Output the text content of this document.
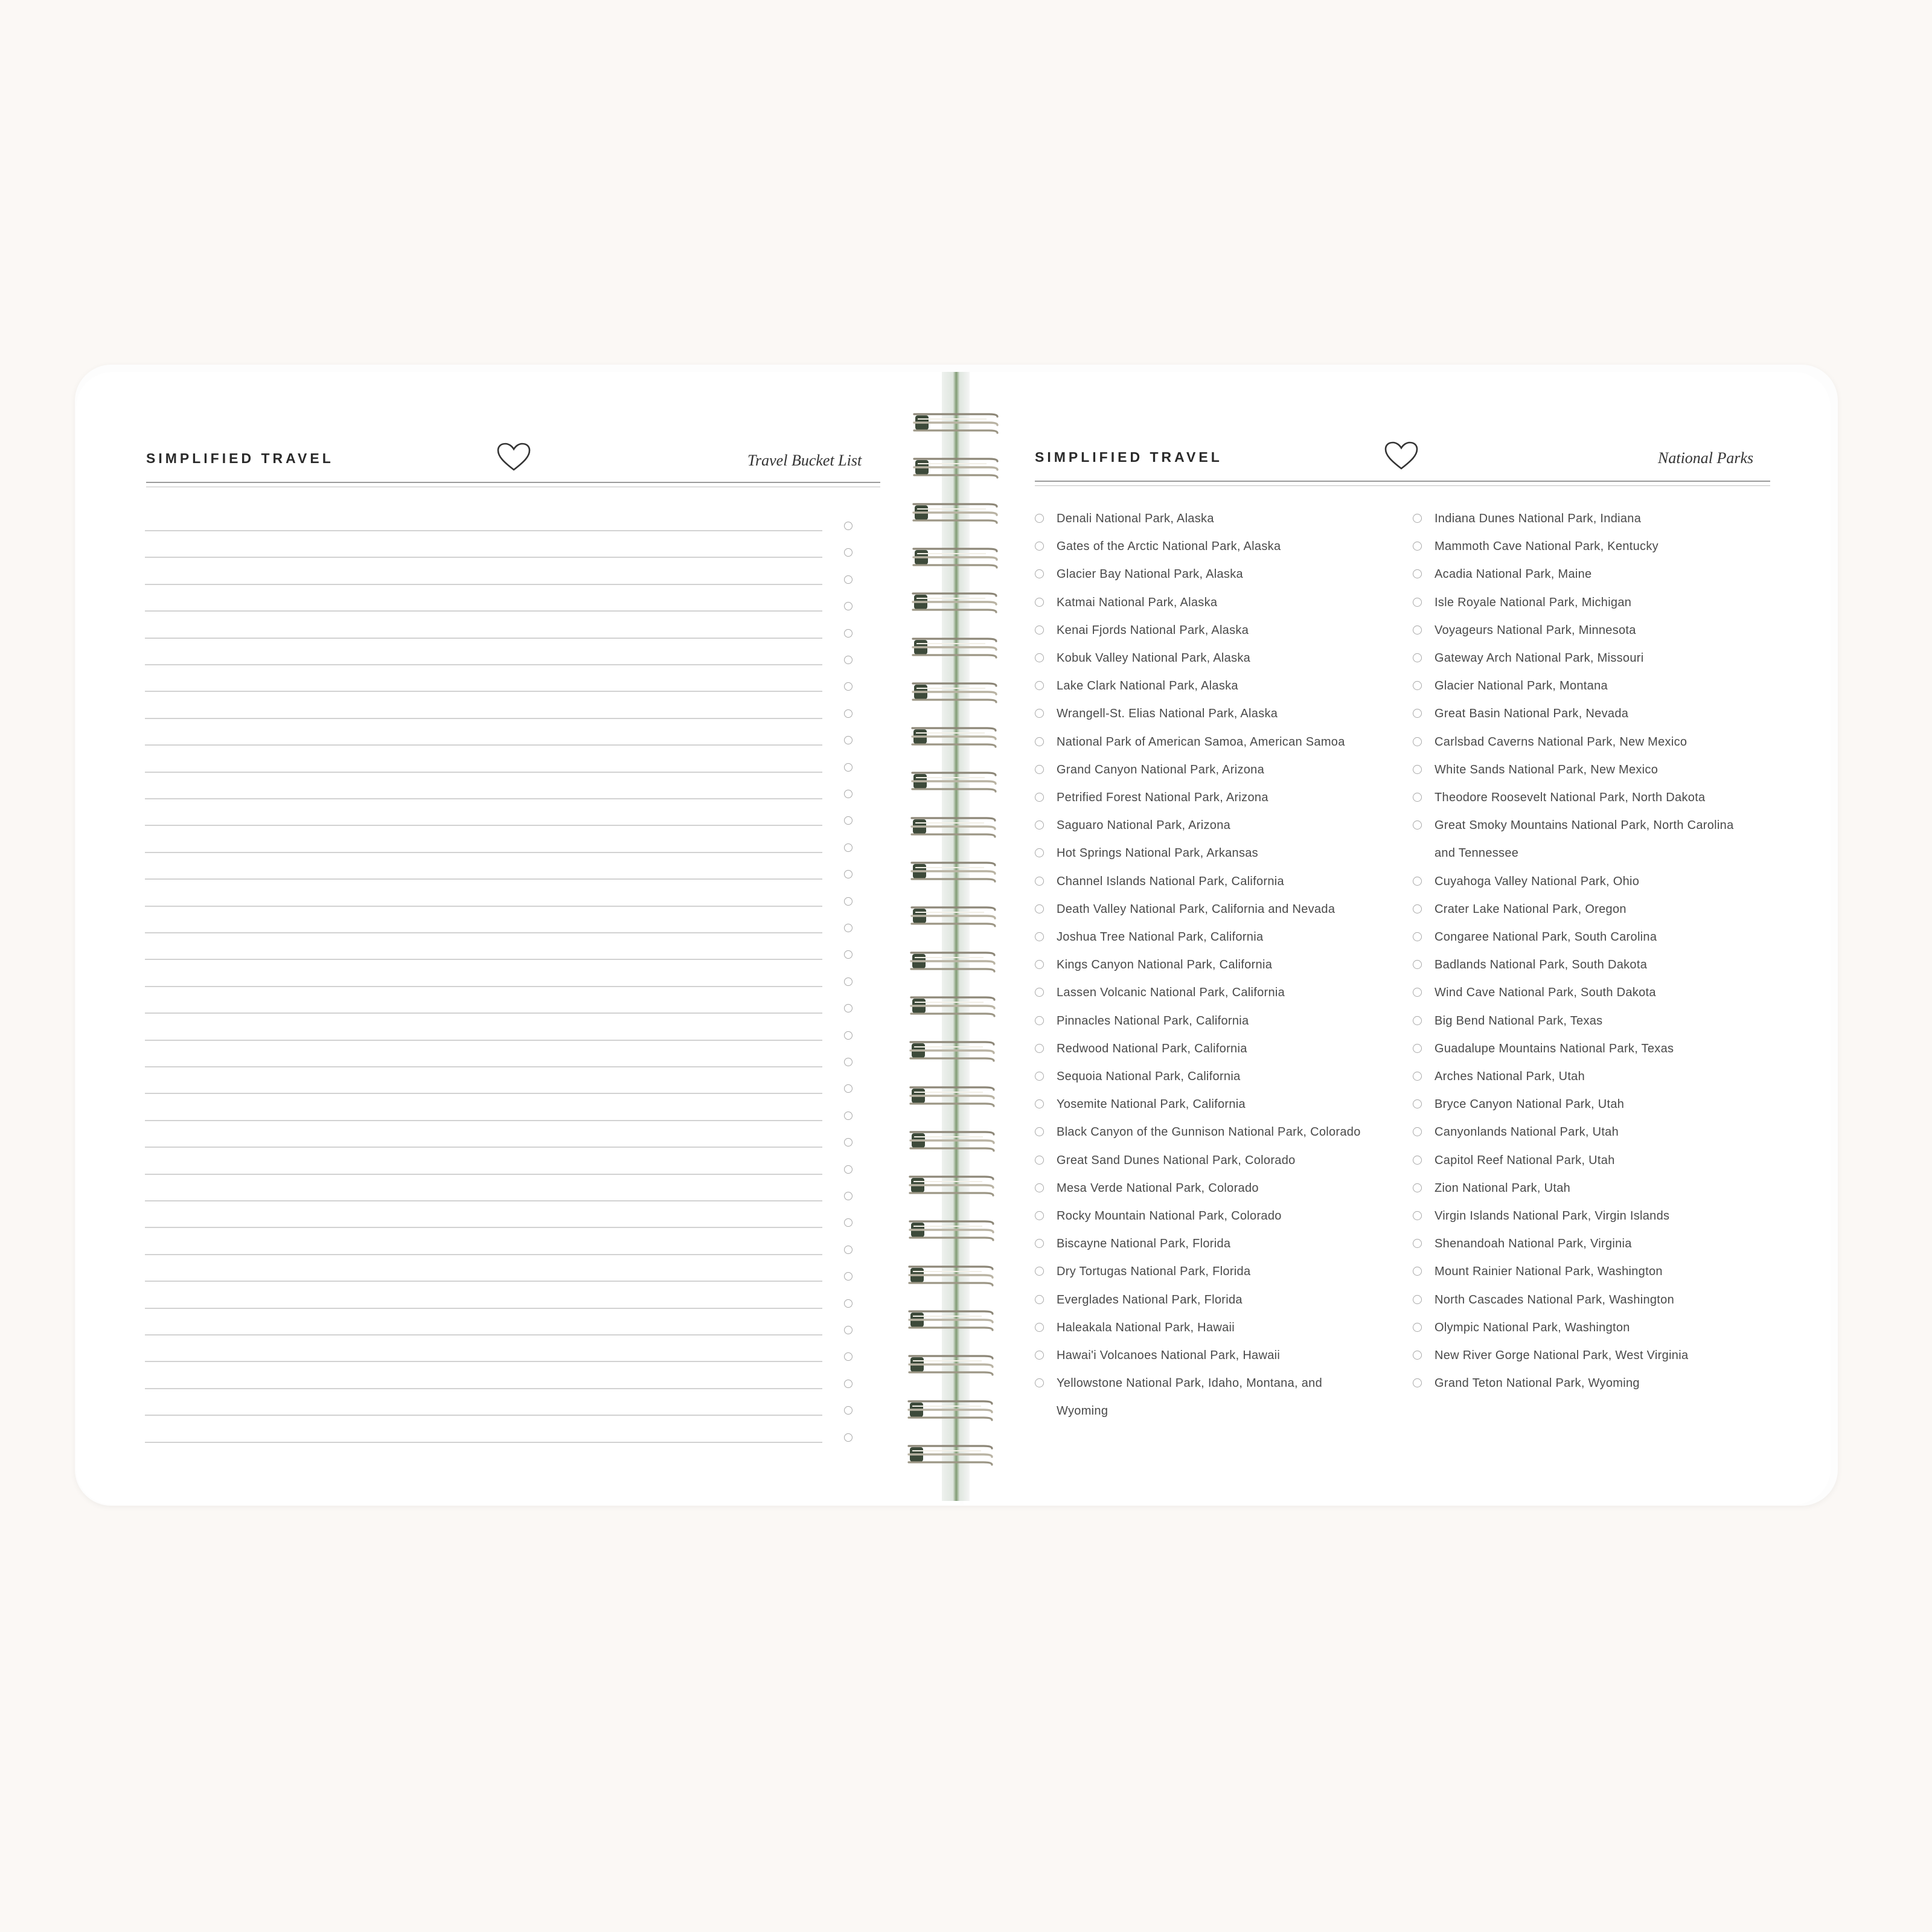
SIMPLIFIED TRAVEL	Travel Bucket List	SIMPLIFIED TRAVEL	National Parks
Denali National Park, Alaska
Gates of the Arctic National Park, Alaska
Glacier Bay National Park, Alaska
Katmai National Park, Alaska
Kenai Fjords National Park, Alaska
Kobuk Valley National Park, Alaska
Lake Clark National Park, Alaska
Wrangell-St. Elias National Park, Alaska
National Park of American Samoa, American Samoa
Grand Canyon National Park, Arizona
Petrified Forest National Park, Arizona
Saguaro National Park, Arizona
Hot Springs National Park, Arkansas
Channel Islands National Park, California
Death Valley National Park, California and Nevada
Joshua Tree National Park, California
Kings Canyon National Park, California
Lassen Volcanic National Park, California
Pinnacles National Park, California
Redwood National Park, California
Sequoia National Park, California
Yosemite National Park, California
Black Canyon of the Gunnison National Park, Colorado
Great Sand Dunes National Park, Colorado
Mesa Verde National Park, Colorado
Rocky Mountain National Park, Colorado
Biscayne National Park, Florida
Dry Tortugas National Park, Florida
Everglades National Park, Florida
Haleakala National Park, Hawaii
Hawai'i Volcanoes National Park, Hawaii
Yellowstone National Park, Idaho, Montana, and
Wyoming
Indiana Dunes National Park, Indiana
Mammoth Cave National Park, Kentucky
Acadia National Park, Maine
Isle Royale National Park, Michigan
Voyageurs National Park, Minnesota
Gateway Arch National Park, Missouri
Glacier National Park, Montana
Great Basin National Park, Nevada
Carlsbad Caverns National Park, New Mexico
White Sands National Park, New Mexico
Theodore Roosevelt National Park, North Dakota
Great Smoky Mountains National Park, North Carolina
and Tennessee
Cuyahoga Valley National Park, Ohio
Crater Lake National Park, Oregon
Congaree National Park, South Carolina
Badlands National Park, South Dakota
Wind Cave National Park, South Dakota
Big Bend National Park, Texas
Guadalupe Mountains National Park, Texas
Arches National Park, Utah
Bryce Canyon National Park, Utah
Canyonlands National Park, Utah
Capitol Reef National Park, Utah
Zion National Park, Utah
Virgin Islands National Park, Virgin Islands
Shenandoah National Park, Virginia
Mount Rainier National Park, Washington
North Cascades National Park, Washington
Olympic National Park, Washington
New River Gorge National Park, West Virginia
Grand Teton National Park, Wyoming
